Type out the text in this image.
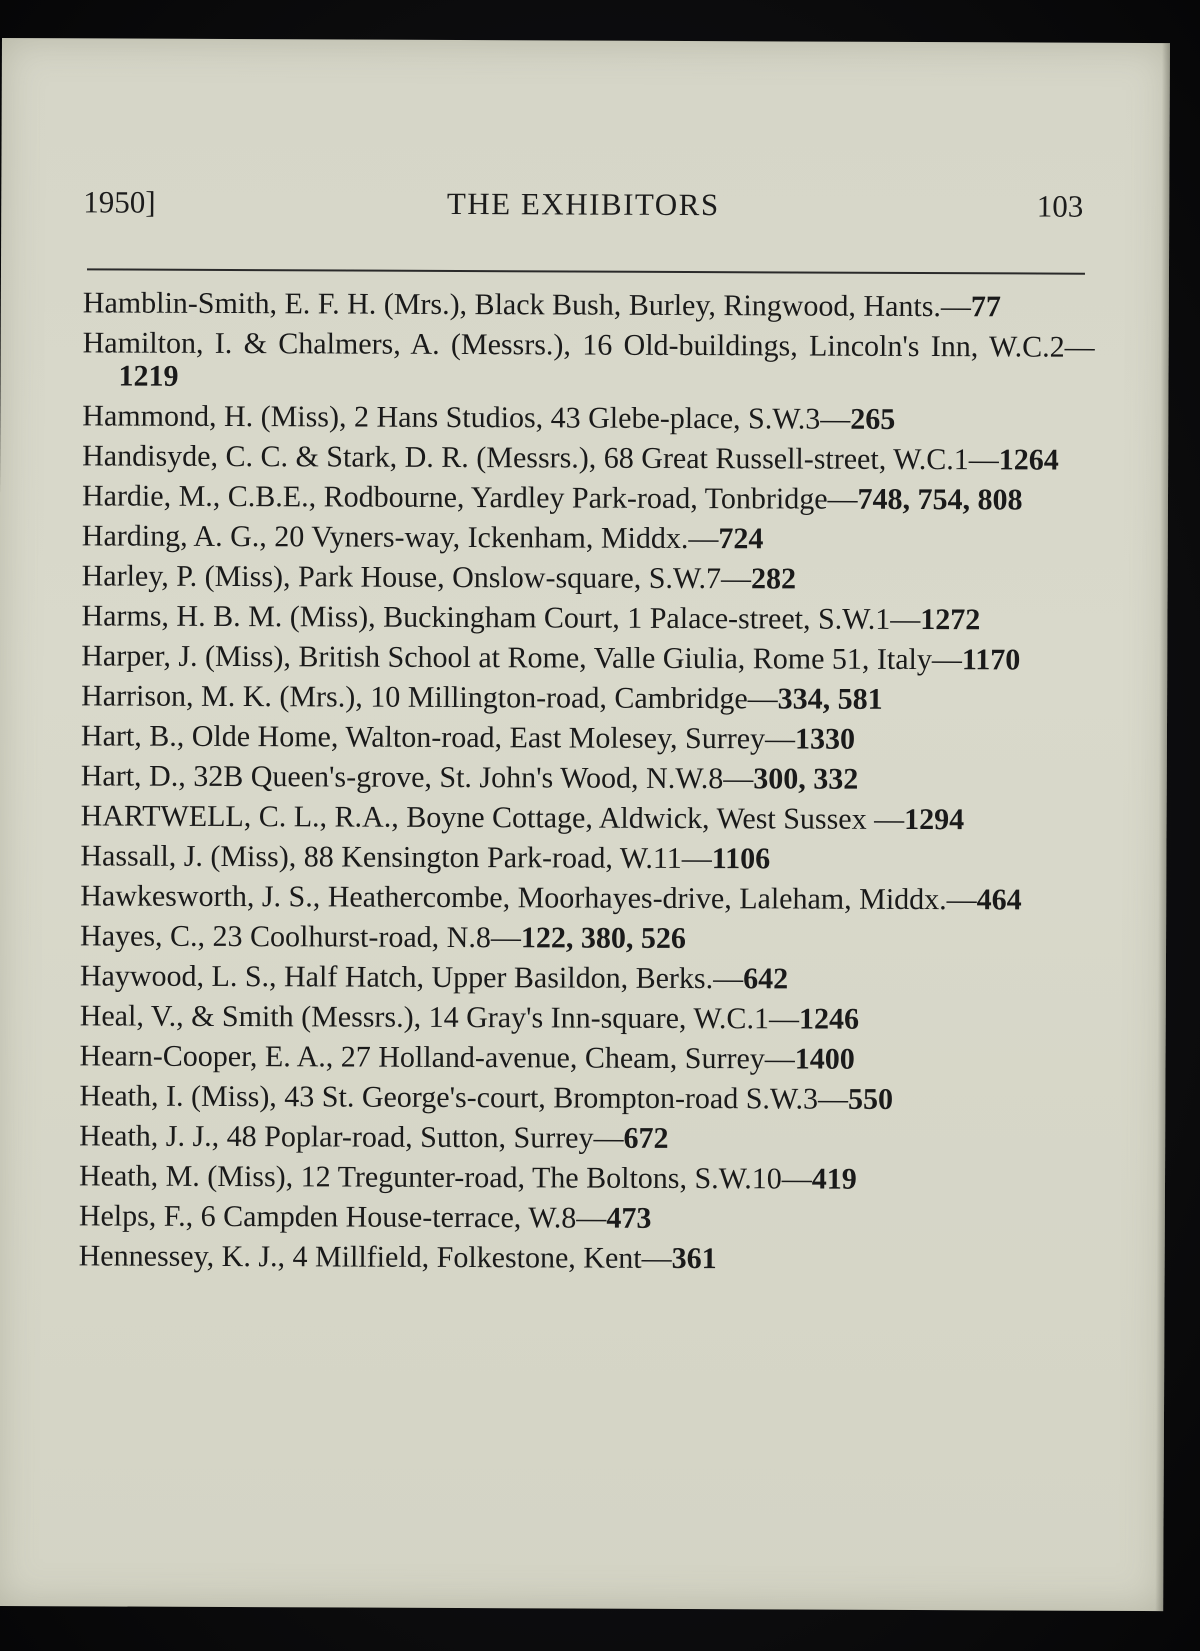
1950]	THE EXHIBITORS	103
Hamblin-Smith, E. F. H. (Mrs.), Black Bush, Burley, Ringwood, Hants.—77
Hamilton, I. & Chalmers, A. (Messrs.), 16 Old-buildings, Lincoln's Inn, W.C.2—1219
Hammond, H. (Miss), 2 Hans Studios, 43 Glebe-place, S.W.3—265
Handisyde, C. C. & Stark, D. R. (Messrs.), 68 Great Russell-street, W.C.1—1264
Hardie, M., C.B.E., Rodbourne, Yardley Park-road, Tonbridge—748, 754, 808
Harding, A. G., 20 Vyners-way, Ickenham, Middx.—724
Harley, P. (Miss), Park House, Onslow-square, S.W.7—282
Harms, H. B. M. (Miss), Buckingham Court, 1 Palace-street, S.W.1—1272
Harper, J. (Miss), British School at Rome, Valle Giulia, Rome 51, Italy—1170
Harrison, M. K. (Mrs.), 10 Millington-road, Cambridge—334, 581
Hart, B., Olde Home, Walton-road, East Molesey, Surrey—1330
Hart, D., 32B Queen's-grove, St. John's Wood, N.W.8—300, 332
HARTWELL, C. L., R.A., Boyne Cottage, Aldwick, West Sussex —1294
Hassall, J. (Miss), 88 Kensington Park-road, W.11—1106
Hawkesworth, J. S., Heathercombe, Moorhayes-drive, Laleham, Middx.—464
Hayes, C., 23 Coolhurst-road, N.8—122, 380, 526
Haywood, L. S., Half Hatch, Upper Basildon, Berks.—642
Heal, V., & Smith (Messrs.), 14 Gray's Inn-square, W.C.1—1246
Hearn-Cooper, E. A., 27 Holland-avenue, Cheam, Surrey—1400
Heath, I. (Miss), 43 St. George's-court, Brompton-road S.W.3—550
Heath, J. J., 48 Poplar-road, Sutton, Surrey—672
Heath, M. (Miss), 12 Tregunter-road, The Boltons, S.W.10—419
Helps, F., 6 Campden House-terrace, W.8—473
Hennessey, K. J., 4 Millfield, Folkestone, Kent—361
